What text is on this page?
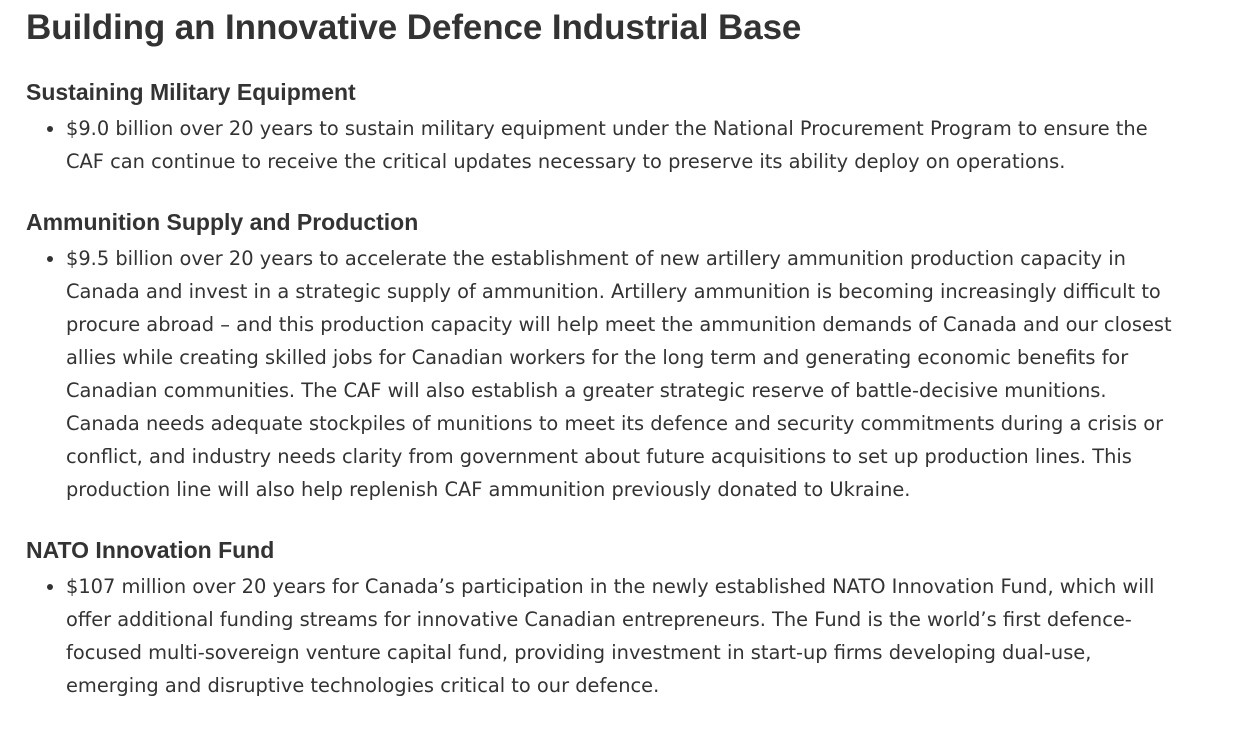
Building an Innovative Defence Industrial Base
Sustaining Military Equipment
$9.0 billion over 20 years to sustain military equipment under the National Procurement Program to ensure the CAF can continue to receive the critical updates necessary to preserve its ability deploy on operations.
Ammunition Supply and Production
$9.5 billion over 20 years to accelerate the establishment of new artillery ammunition production capacity in Canada and invest in a strategic supply of ammunition. Artillery ammunition is becoming increasingly difficult to procure abroad – and this production capacity will help meet the ammunition demands of Canada and our closest allies while creating skilled jobs for Canadian workers for the long term and generating economic benefits for Canadian communities. The CAF will also establish a greater strategic reserve of battle-decisive munitions. Canada needs adequate stockpiles of munitions to meet its defence and security commitments during a crisis or conflict, and industry needs clarity from government about future acquisitions to set up production lines. This production line will also help replenish CAF ammunition previously donated to Ukraine.
NATO Innovation Fund
$107 million over 20 years for Canada’s participation in the newly established NATO Innovation Fund, which will offer additional funding streams for innovative Canadian entrepreneurs. The Fund is the world’s first defence-focused multi-sovereign venture capital fund, providing investment in start-up firms developing dual-use, emerging and disruptive technologies critical to our defence.
